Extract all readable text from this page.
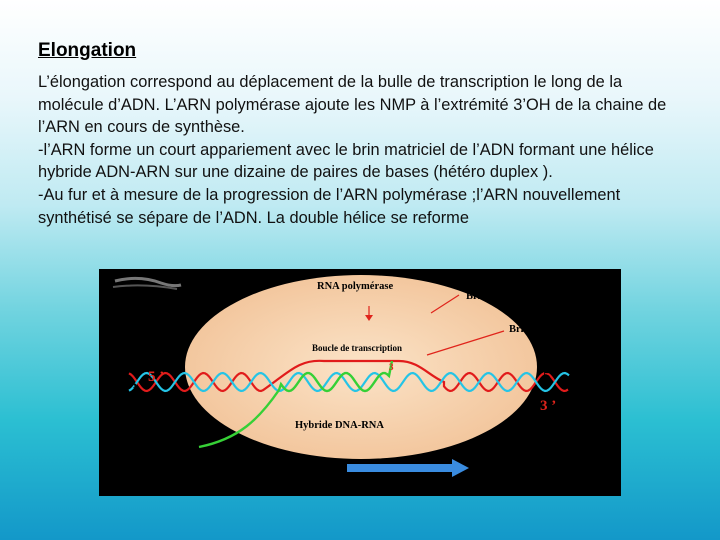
Elongation

L’élongation correspond au déplacement de la bulle de transcription le long de la molécule d’ADN. L’ARN polymérase ajoute les NMP à l’extrémité 3’OH de la chaine de l’ARN en cours de synthèse.

-l’ARN forme un court appariement avec le brin matriciel de l’ADN formant une hélice hybride ADN-ARN sur une dizaine de paires de bases (hétéro duplex ).

-Au fur et à mesure de la progression de l’ARN polymérase ;l’ARN nouvellement synthétisé se sépare de l’ADN. La double hélice se reforme

RNA polymérase
Brin codant
Brin matrice
Boucle de transcription
Hybride DNA-RNA
DNA
RNA
Direction de la transcription
5 ’
3 ’
5 ’
3 ’
5 ’
3
